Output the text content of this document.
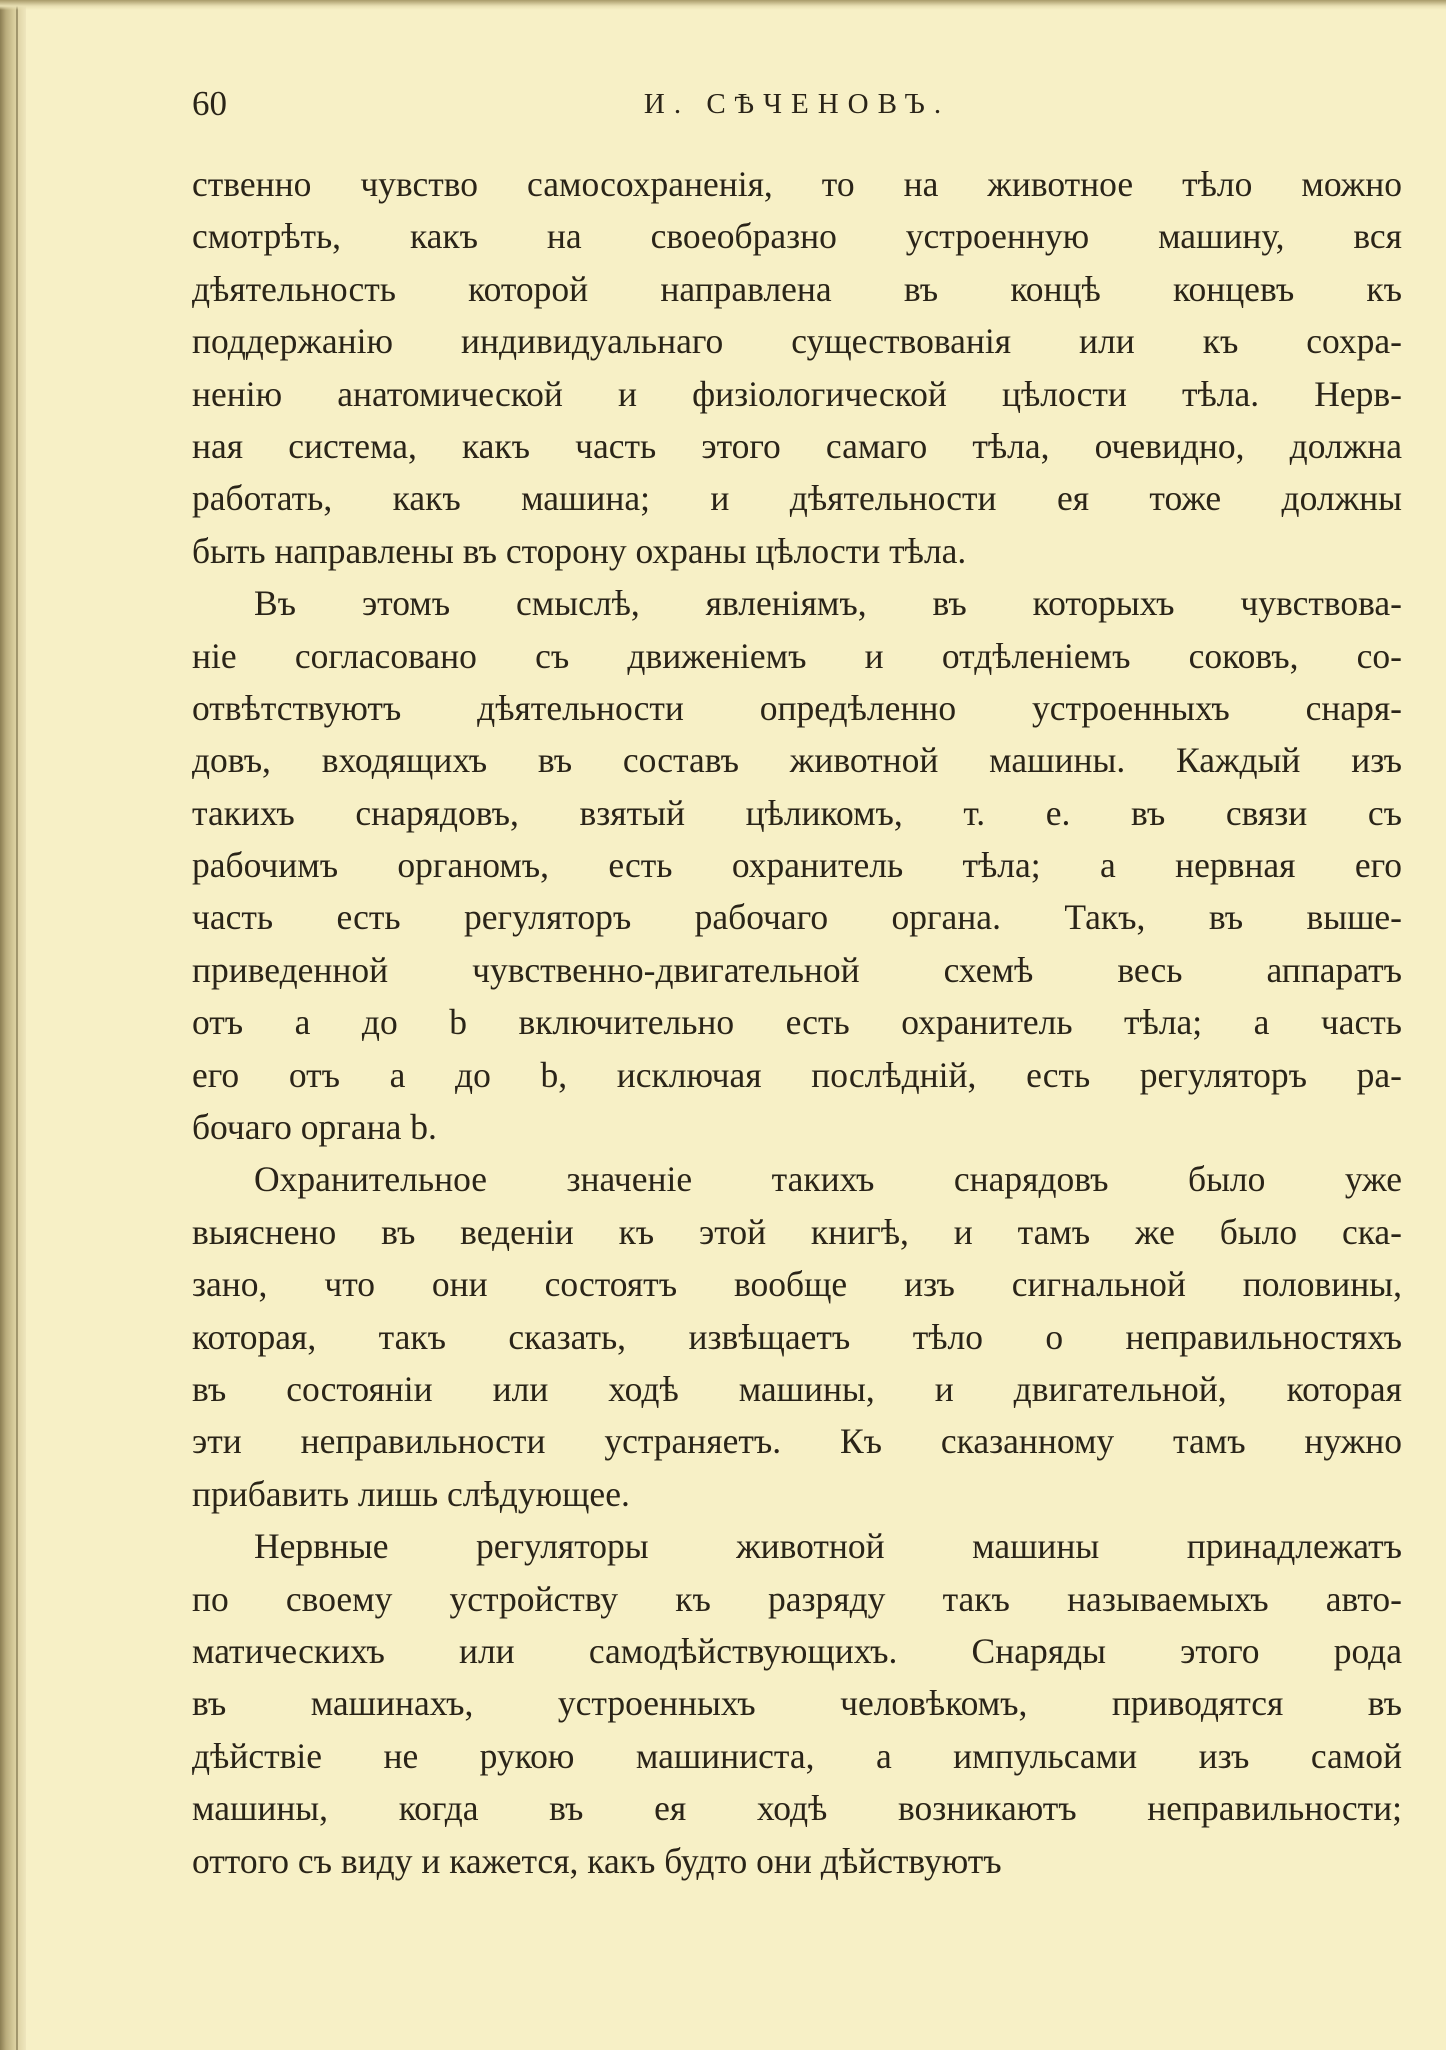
60	И. СѢЧЕНОВЪ.
ственно чувство самосохраненія, то на животное тѣло можно
смотрѣть, какъ на своеобразно устроенную машину, вся
дѣятельность которой направлена въ концѣ концевъ къ
поддержанію индивидуальнаго существованія или къ сохра-
ненію анатомической и физіологической цѣлости тѣла. Нерв-
ная система, какъ часть этого самаго тѣла, очевидно, должна
работать, какъ машина; и дѣятельности ея тоже должны
быть направлены въ сторону охраны цѣлости тѣла.
Въ этомъ смыслѣ, явленіямъ, въ которыхъ чувствова-
ніе согласовано съ движеніемъ и отдѣленіемъ соковъ, со-
отвѣтствуютъ дѣятельности опредѣленно устроенныхъ снаря-
довъ, входящихъ въ составъ животной машины. Каждый изъ
такихъ снарядовъ, взятый цѣликомъ, т. е. въ связи съ
рабочимъ органомъ, есть охранитель тѣла; а нервная его
часть есть регуляторъ рабочаго органа. Такъ, въ выше-
приведенной чувственно-двигательной схемѣ весь аппаратъ
отъ a до b включительно есть охранитель тѣла; а часть
его отъ a до b, исключая послѣдній, есть регуляторъ ра-
бочаго органа b.
Охранительное значеніе такихъ снарядовъ было уже
выяснено въ веденіи къ этой книгѣ, и тамъ же было ска-
зано, что они состоятъ вообще изъ сигнальной половины,
которая, такъ сказать, извѣщаетъ тѣло о неправильностяхъ
въ состояніи или ходѣ машины, и двигательной, которая
эти неправильности устраняетъ. Къ сказанному тамъ нужно
прибавить лишь слѣдующее.
Нервные регуляторы животной машины принадлежатъ
по своему устройству къ разряду такъ называемыхъ авто-
матическихъ или самодѣйствующихъ. Снаряды этого рода
въ машинахъ, устроенныхъ человѣкомъ, приводятся въ
дѣйствіе не рукою машиниста, а импульсами изъ самой
машины, когда въ ея ходѣ возникаютъ неправильности;
оттого съ виду и кажется, какъ будто они дѣйствуютъ
